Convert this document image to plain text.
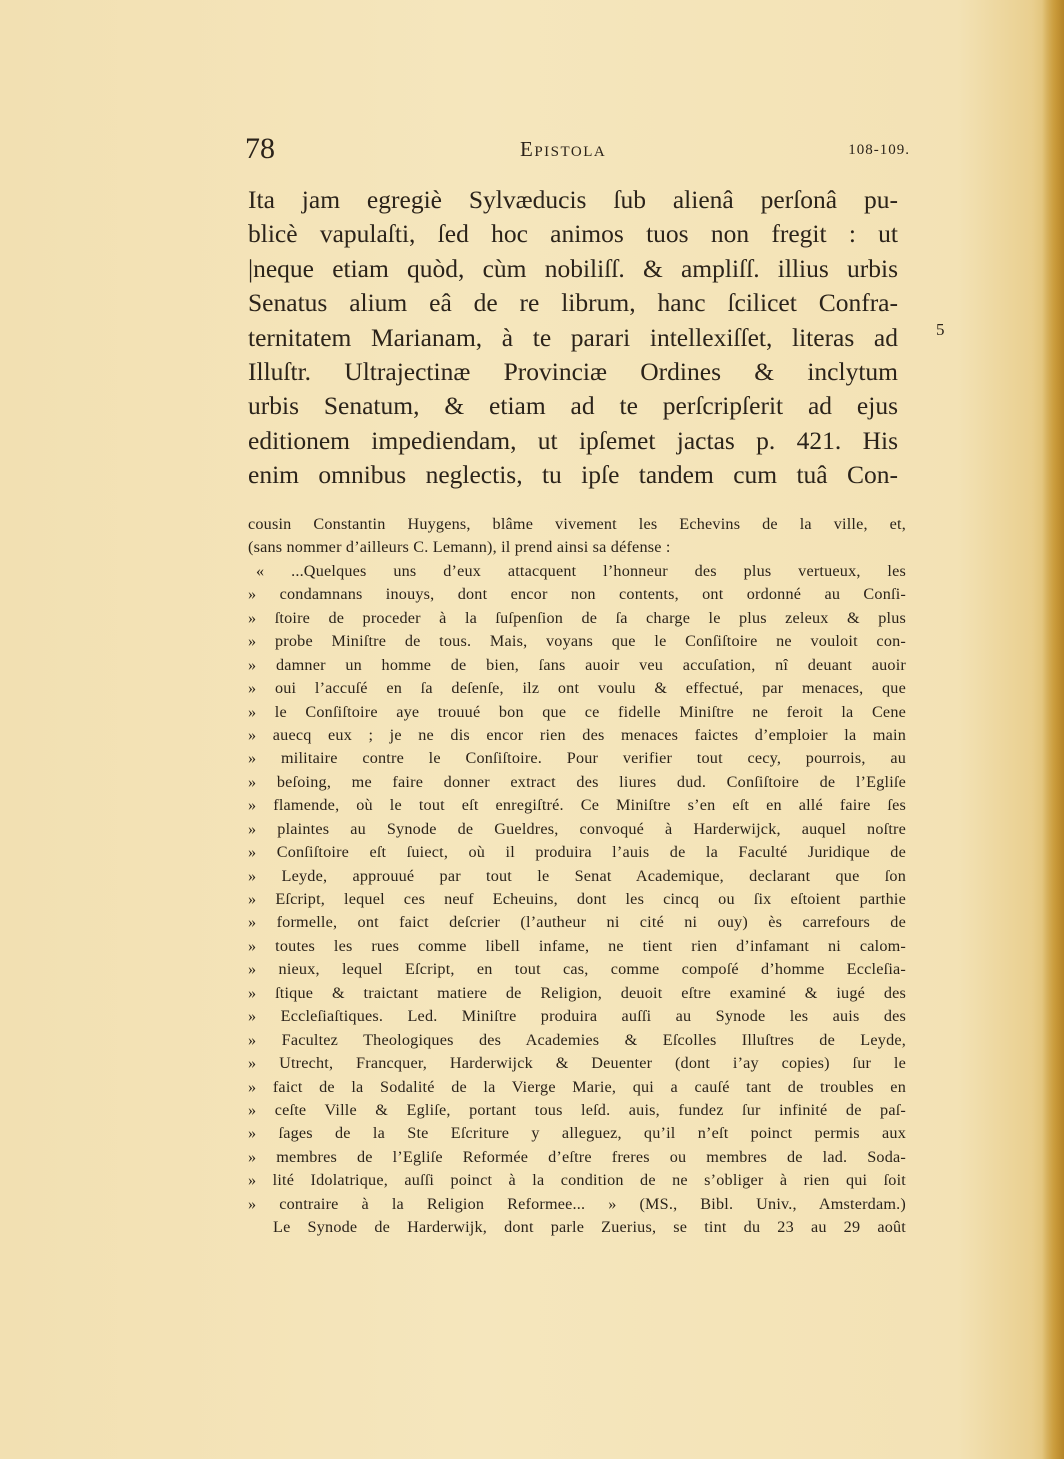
78	Epistola	108-109.
Ita jam egregiè Sylvæducis ſub alienâ perſonâ pu-
blicè vapulaſti, ſed hoc animos tuos non fregit : ut
|neque etiam quòd, cùm nobiliſſ. & ampliſſ. illius urbis
Senatus alium eâ de re librum, hanc ſcilicet Confra-
ternitatem Marianam, à te parari intellexiſſet, literas ad
Illuſtr. Ultrajectinæ Provinciæ Ordines & inclytum
urbis Senatum, & etiam ad te perſcripſerit ad ejus
editionem impediendam, ut ipſemet jactas p. 421. His
enim omnibus neglectis, tu ipſe tandem cum tuâ Con-
5
cousin Constantin Huygens, blâme vivement les Echevins de la ville, et,
(sans nommer d’ailleurs C. Lemann), il prend ainsi sa défense :
« ...Quelques uns d’eux attacquent l’honneur des plus vertueux, les
» condamnans inouys, dont encor non contents, ont ordonné au Conſi-
» ſtoire de proceder à la ſuſpenſion de ſa charge le plus zeleux & plus
» probe Miniſtre de tous. Mais, voyans que le Conſiſtoire ne vouloit con-
» damner un homme de bien, ſans auoir veu accuſation, nî deuant auoir
» oui l’accuſé en ſa deſenſe, ilz ont voulu & effectué, par menaces, que
» le Conſiſtoire aye trouué bon que ce fidelle Miniſtre ne feroit la Cene
» auecq eux ; je ne dis encor rien des menaces faictes d’emploier la main
» militaire contre le Conſiſtoire. Pour verifier tout cecy, pourrois, au
» beſoing, me faire donner extract des liures dud. Conſiſtoire de l’Egliſe
» flamende, où le tout eſt enregiſtré. Ce Miniſtre s’en eſt en allé faire ſes
» plaintes au Synode de Gueldres, convoqué à Harderwijck, auquel noſtre
» Conſiſtoire eſt ſuiect, où il produira l’auis de la Faculté Juridique de
» Leyde, approuué par tout le Senat Academique, declarant que ſon
» Eſcript, lequel ces neuf Echeuins, dont les cincq ou ſix eſtoient parthie
» formelle, ont faict deſcrier (l’autheur ni cité ni ouy) ès carrefours de
» toutes les rues comme libell infame, ne tient rien d’infamant ni calom-
» nieux, lequel Eſcript, en tout cas, comme compoſé d’homme Eccleſia-
» ſtique & traictant matiere de Religion, deuoit eſtre examiné & iugé des
» Eccleſiaſtiques. Led. Miniſtre produira auſſi au Synode les auis des
» Facultez Theologiques des Academies & Eſcolles Illuſtres de Leyde,
» Utrecht, Francquer, Harderwijck & Deuenter (dont i’ay copies) ſur le
» faict de la Sodalité de la Vierge Marie, qui a cauſé tant de troubles en
» ceſte Ville & Egliſe, portant tous leſd. auis, fundez ſur infinité de paſ-
» ſages de la Ste Eſcriture y alleguez, qu’il n’eſt poinct permis aux
» membres de l’Egliſe Reformée d’eſtre freres ou membres de lad. Soda-
» lité Idolatrique, auſſi poinct à la condition de ne s’obliger à rien qui ſoit
» contraire à la Religion Reformee... » (MS., Bibl. Univ., Amsterdam.)
Le Synode de Harderwijk, dont parle Zuerius, se tint du 23 au 29 août
